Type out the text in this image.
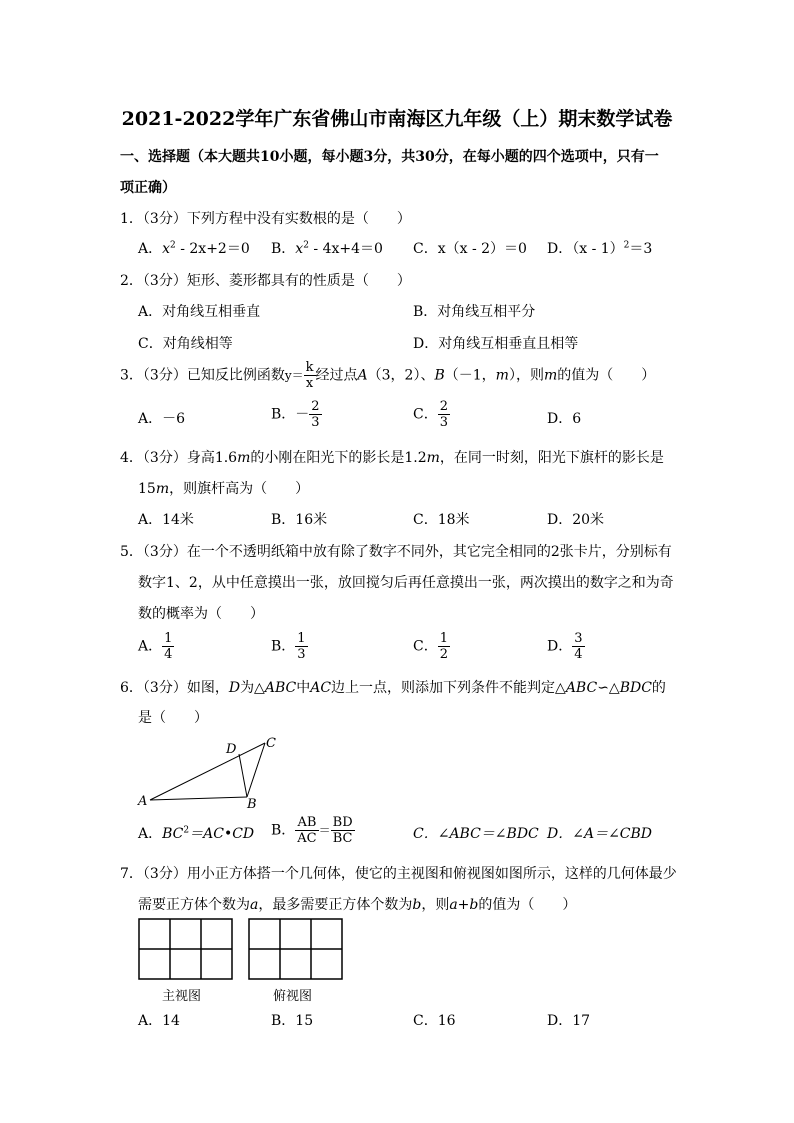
2021-2022学年广东省佛山市南海区九年级（上）期末数学试卷
一、选择题（本大题共10小题，每小题3分，共30分，在每小题的四个选项中，只有一
项正确）
1．（3分）下列方程中没有实数根的是（　　）
A．$x^2 - 2x+2=0$ B．$x^2 - 4x+4=0$ C．x（x - 2）＝0 D．（x - 1）$^2$＝3
2．（3分）矩形、菱形都具有的性质是（　　）
A．对角线互相垂直	B．对角线互相平分
C．对角线相等	D．对角线互相垂直且相等
3．（3分）已知反比例函数$y= \frac{k}{x}$ 经过点A（3，2）、B（－1，m），则m的值为（　　）
A．－6	B．－ $\frac{2}{3}$	C． $\frac{2}{3}$	D．6
4．（3分）身高1.6m的小刚在阳光下的影长是1.2m，在同一时刻，阳光下旗杆的影长是
15m，则旗杆高为（　　）
A．14米	B．16米	C．18米	D．20米
5．（3分）在一个不透明纸箱中放有除了数字不同外，其它完全相同的2张卡片，分别标有
数字1、2，从中任意摸出一张，放回搅匀后再任意摸出一张，两次摸出的数字之和为奇
数的概率为（　　）
A． $\frac{1}{4}$	B． $\frac{1}{3}$	C． $\frac{1}{2}$	D． $\frac{3}{4}$
6．（3分）如图，D为△ABC中AC边上一点，则添加下列条件不能判定△ABC∽△BDC的
是（　　）
A	B
C
D
A．$BC^2=AC•CD$ B． $\frac{AB}{AC} = \frac{BD}{BC}$	C．∠ABC＝∠BDC D．∠A＝∠CBD
7．（3分）用小正方体搭一个几何体，使它的主视图和俯视图如图所示，这样的几何体最少
需要正方体个数为a，最多需要正方体个数为b，则a+b的值为（　　）
主视图	俯视图
A．14	B．15	C．16	D．17
